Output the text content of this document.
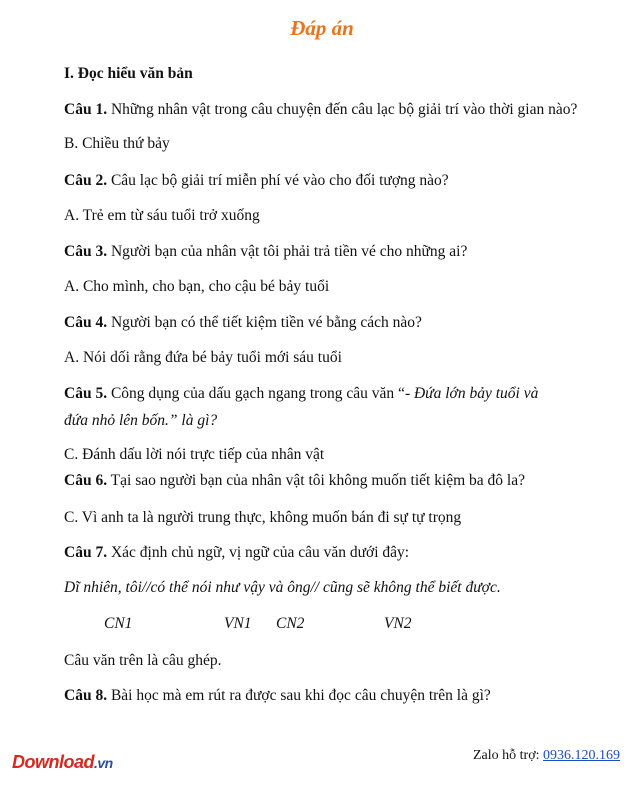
Đáp án
I. Đọc hiểu văn bản
Câu 1. Những nhân vật trong câu chuyện đến câu lạc bộ giải trí vào thời gian nào?
B. Chiều thứ bảy
Câu 2. Câu lạc bộ giải trí miễn phí vé vào cho đối tượng nào?
A. Trẻ em từ sáu tuổi trở xuống
Câu 3. Người bạn của nhân vật tôi phải trả tiền vé cho những ai?
A. Cho mình, cho bạn, cho cậu bé bảy tuổi
Câu 4. Người bạn có thể tiết kiệm tiền vé bằng cách nào?
A. Nói dối rằng đứa bé bảy tuổi mới sáu tuổi
Câu 5. Công dụng của dấu gạch ngang trong câu văn “- Đứa lớn bảy tuổi và
đứa nhỏ lên bốn.” là gì?
C. Đánh dấu lời nói trực tiếp của nhân vật
Câu 6. Tại sao người bạn của nhân vật tôi không muốn tiết kiệm ba đô la?
C. Vì anh ta là người trung thực, không muốn bán đi sự tự trọng
Câu 7. Xác định chủ ngữ, vị ngữ của câu văn dưới đây:
Dĩ nhiên, tôi//có thể nói như vậy và ông// cũng sẽ không thể biết được.
CN1	VN1 CN2	VN2
Câu văn trên là câu ghép.
Câu 8. Bài học mà em rút ra được sau khi đọc câu chuyện trên là gì?
Download.vn	Zalo hỗ trợ: 0936.120.169
